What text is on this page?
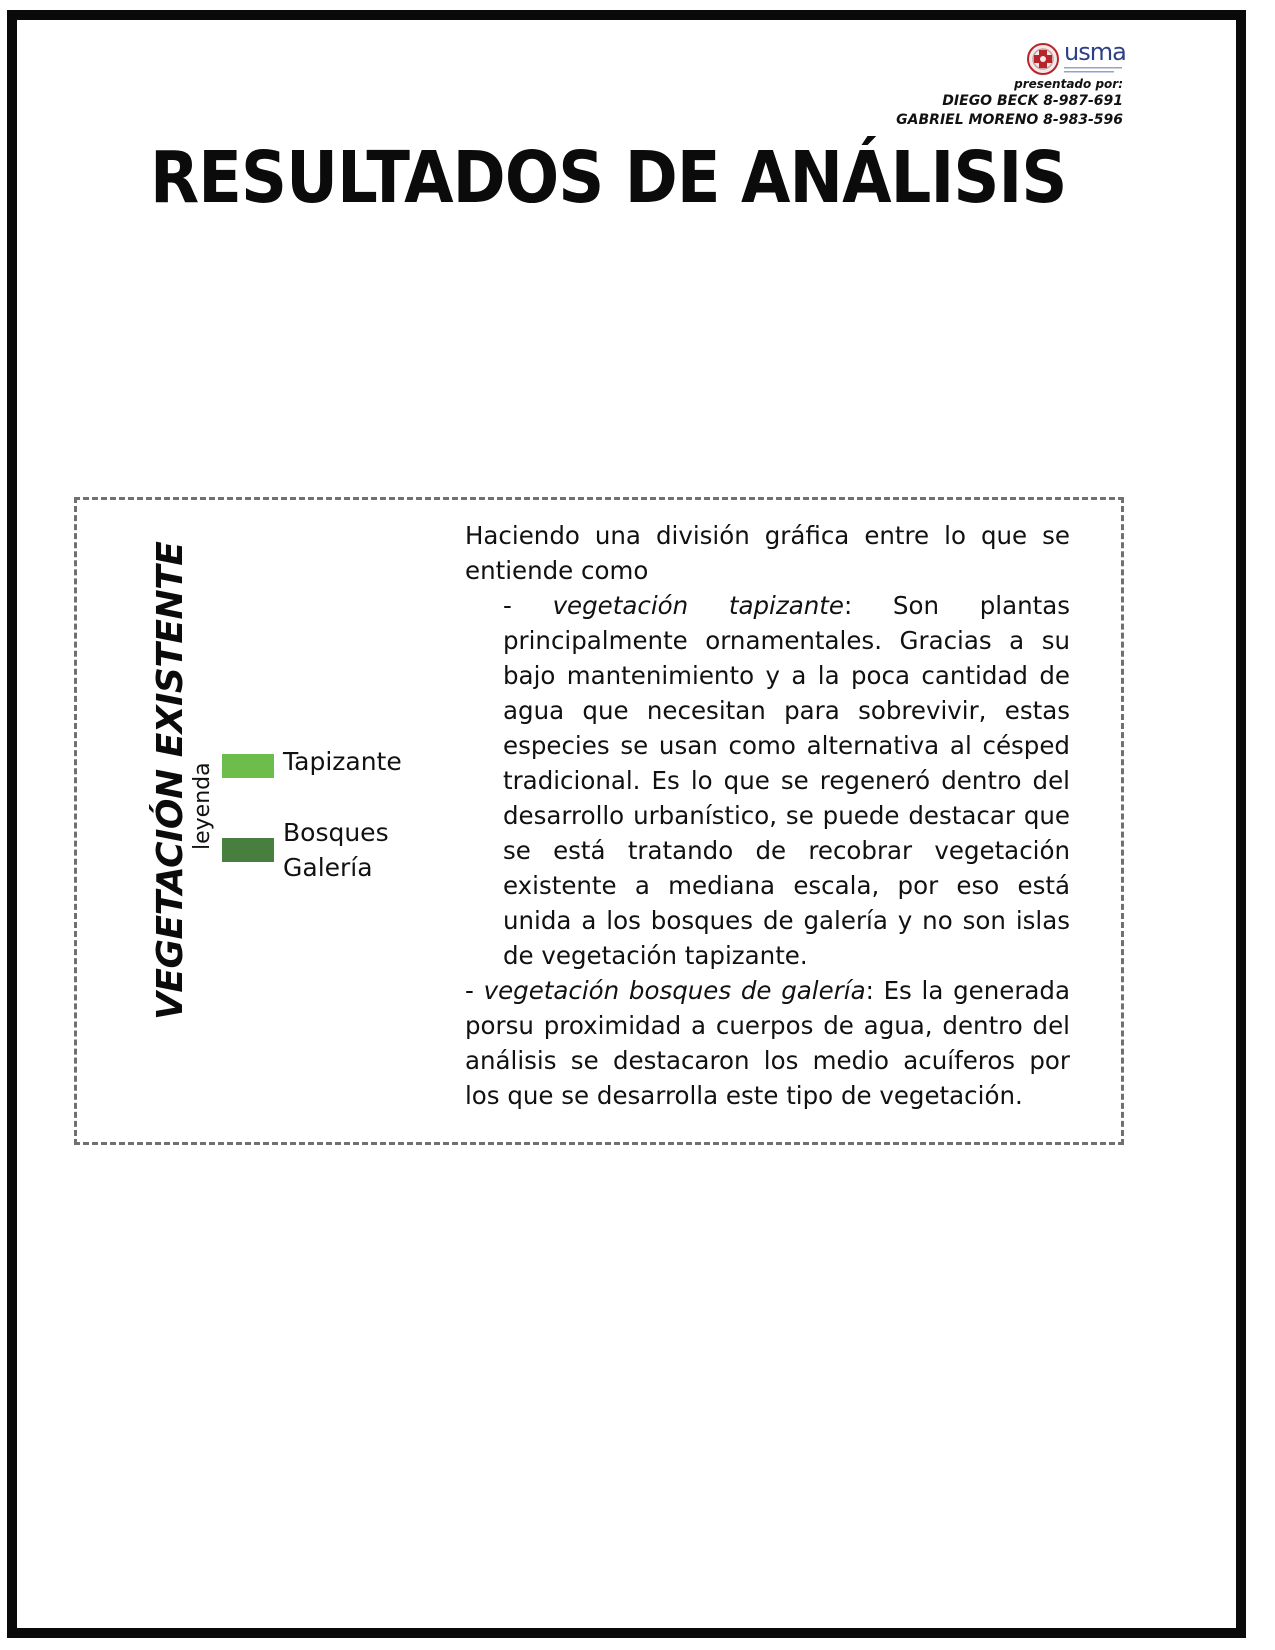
usma
presentado por:
DIEGO BECK 8-987-691
GABRIEL MORENO 8-983-596
RESULTADOS DE ANÁLISIS
VEGETACIÓN EXISTENTE leyenda
Tapizante
Bosques
Galería

Haciendo una división gráfica entre lo que se entiende como

- vegetación tapizante: Son plantas principalmente ornamentales. Gracias a su bajo mantenimiento y a la poca cantidad de agua que necesitan para sobrevivir, estas especies se usan como alternativa al césped tradicional. Es lo que se regeneró dentro del desarrollo urbanístico, se puede destacar que se está tratando de recobrar vegetación existente a mediana escala, por eso está unida a los bosques de galería y no son islas de vegetación tapizante.

- vegetación bosques de galería: Es la generada porsu proximidad a cuerpos de agua, dentro del análisis se destacaron los medio acuíferos por los que se desarrolla este tipo de vegetación.
